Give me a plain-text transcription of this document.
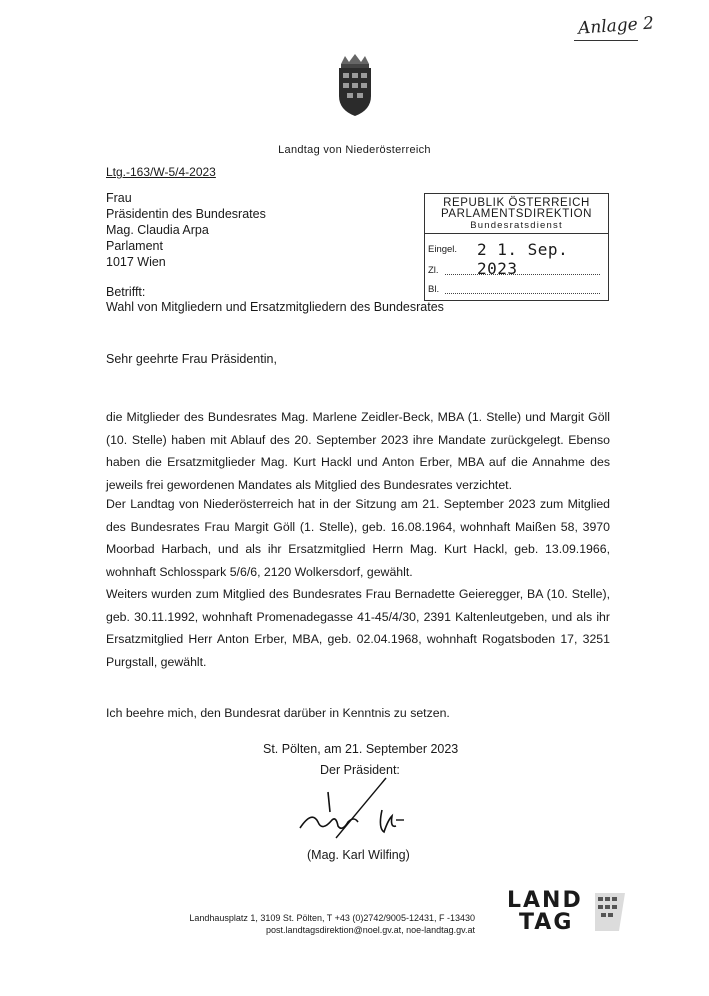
Anlage 2
Landtag von Niederösterreich
Ltg.-163/W-5/4-2023
Frau
Präsidentin des Bundesrates
Mag. Claudia Arpa
Parlament
1017 Wien
REPUBLIK ÖSTERREICH
PARLAMENTSDIREKTION
Bundesratsdienst
Eingel. 2 1. Sep. 2023
Zl.
Bl.
Betrifft:
Wahl von Mitgliedern und Ersatzmitgliedern des Bundesrates
Sehr geehrte Frau Präsidentin,
die Mitglieder des Bundesrates Mag. Marlene Zeidler-Beck, MBA (1. Stelle) und Margit Göll (10. Stelle) haben mit Ablauf des 20. September 2023 ihre Mandate zurückgelegt. Ebenso haben die Ersatzmitglieder Mag. Kurt Hackl und Anton Erber, MBA auf die Annahme des jeweils frei gewordenen Mandates als Mitglied des Bundesrates verzichtet.
Der Landtag von Niederösterreich hat in der Sitzung am 21. September 2023 zum Mitglied des Bundesrates Frau Margit Göll (1. Stelle), geb. 16.08.1964, wohnhaft Maißen 58, 3970 Moorbad Harbach, und als ihr Ersatzmitglied Herrn Mag. Kurt Hackl, geb. 13.09.1966, wohnhaft Schlosspark 5/6/6, 2120 Wolkersdorf, gewählt.
Weiters wurden zum Mitglied des Bundesrates Frau Bernadette Geieregger, BA (10. Stelle), geb. 30.11.1992, wohnhaft Promenadegasse 41-45/4/30, 2391 Kaltenleutgeben, und als ihr Ersatzmitglied Herr Anton Erber, MBA, geb. 02.04.1968, wohnhaft Rogatsboden 17, 3251 Purgstall, gewählt.
Ich beehre mich, den Bundesrat darüber in Kenntnis zu setzen.
St. Pölten, am 21. September 2023
Der Präsident:
(Mag. Karl Wilfing)
Landhausplatz 1, 3109 St. Pölten, T +43 (0)2742/9005-12431, F -13430
post.landtagsdirektion@noel.gv.at, noe-landtag.gv.at
LAND
TAG
